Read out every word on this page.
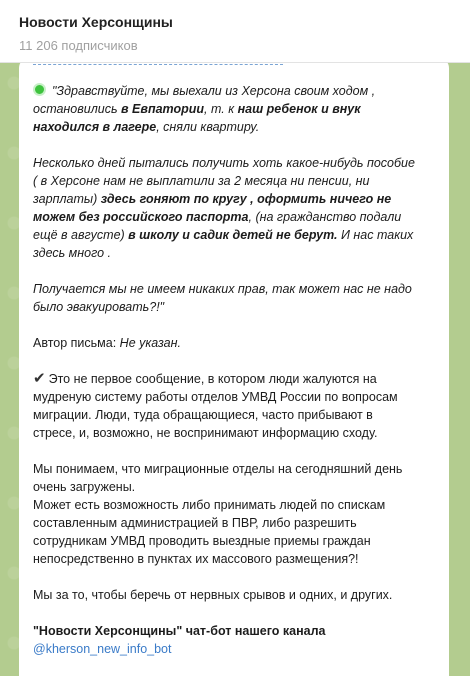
Новости Херсонщины
11 206 подписчиков

"Здравствуйте, мы выехали из Херсона своим ходом , остановились в Евпатории, т. к наш ребенок и внук находился в лагере, сняли квартиру.

Несколько дней пытались получить хоть какое-нибудь пособие ( в Херсоне нам не выплатили за 2 месяца ни пенсии, ни зарплаты) здесь гоняют по кругу , оформить ничего не можем без российского паспорта, (на гражданство подали ещё в августе) в школу и садик детей не берут. И нас таких здесь много .

Получается мы не имеем никаких прав, так может нас не надо было эвакуировать?!"

Автор письма: Не указан.

✔ Это не первое сообщение, в котором люди жалуются на мудреную систему работы отделов УМВД России по вопросам миграции. Люди, туда обращающиеся, часто прибывают в стресе, и, возможно, не воспринимают информацию сходу.

Мы понимаем, что миграционные отделы на сегодняшний день очень загружены.

Может есть возможность либо принимать людей по спискам составленным администрацией в ПВР, либо разрешить сотрудникам УМВД проводить выездные приемы граждан непосредственно в пунктах их массового размещения?!

Мы за то, чтобы беречь от нервных срывов и одних, и других.

"Новости Херсонщины" чат-бот нашего канала

@kherson_new_info_bot
